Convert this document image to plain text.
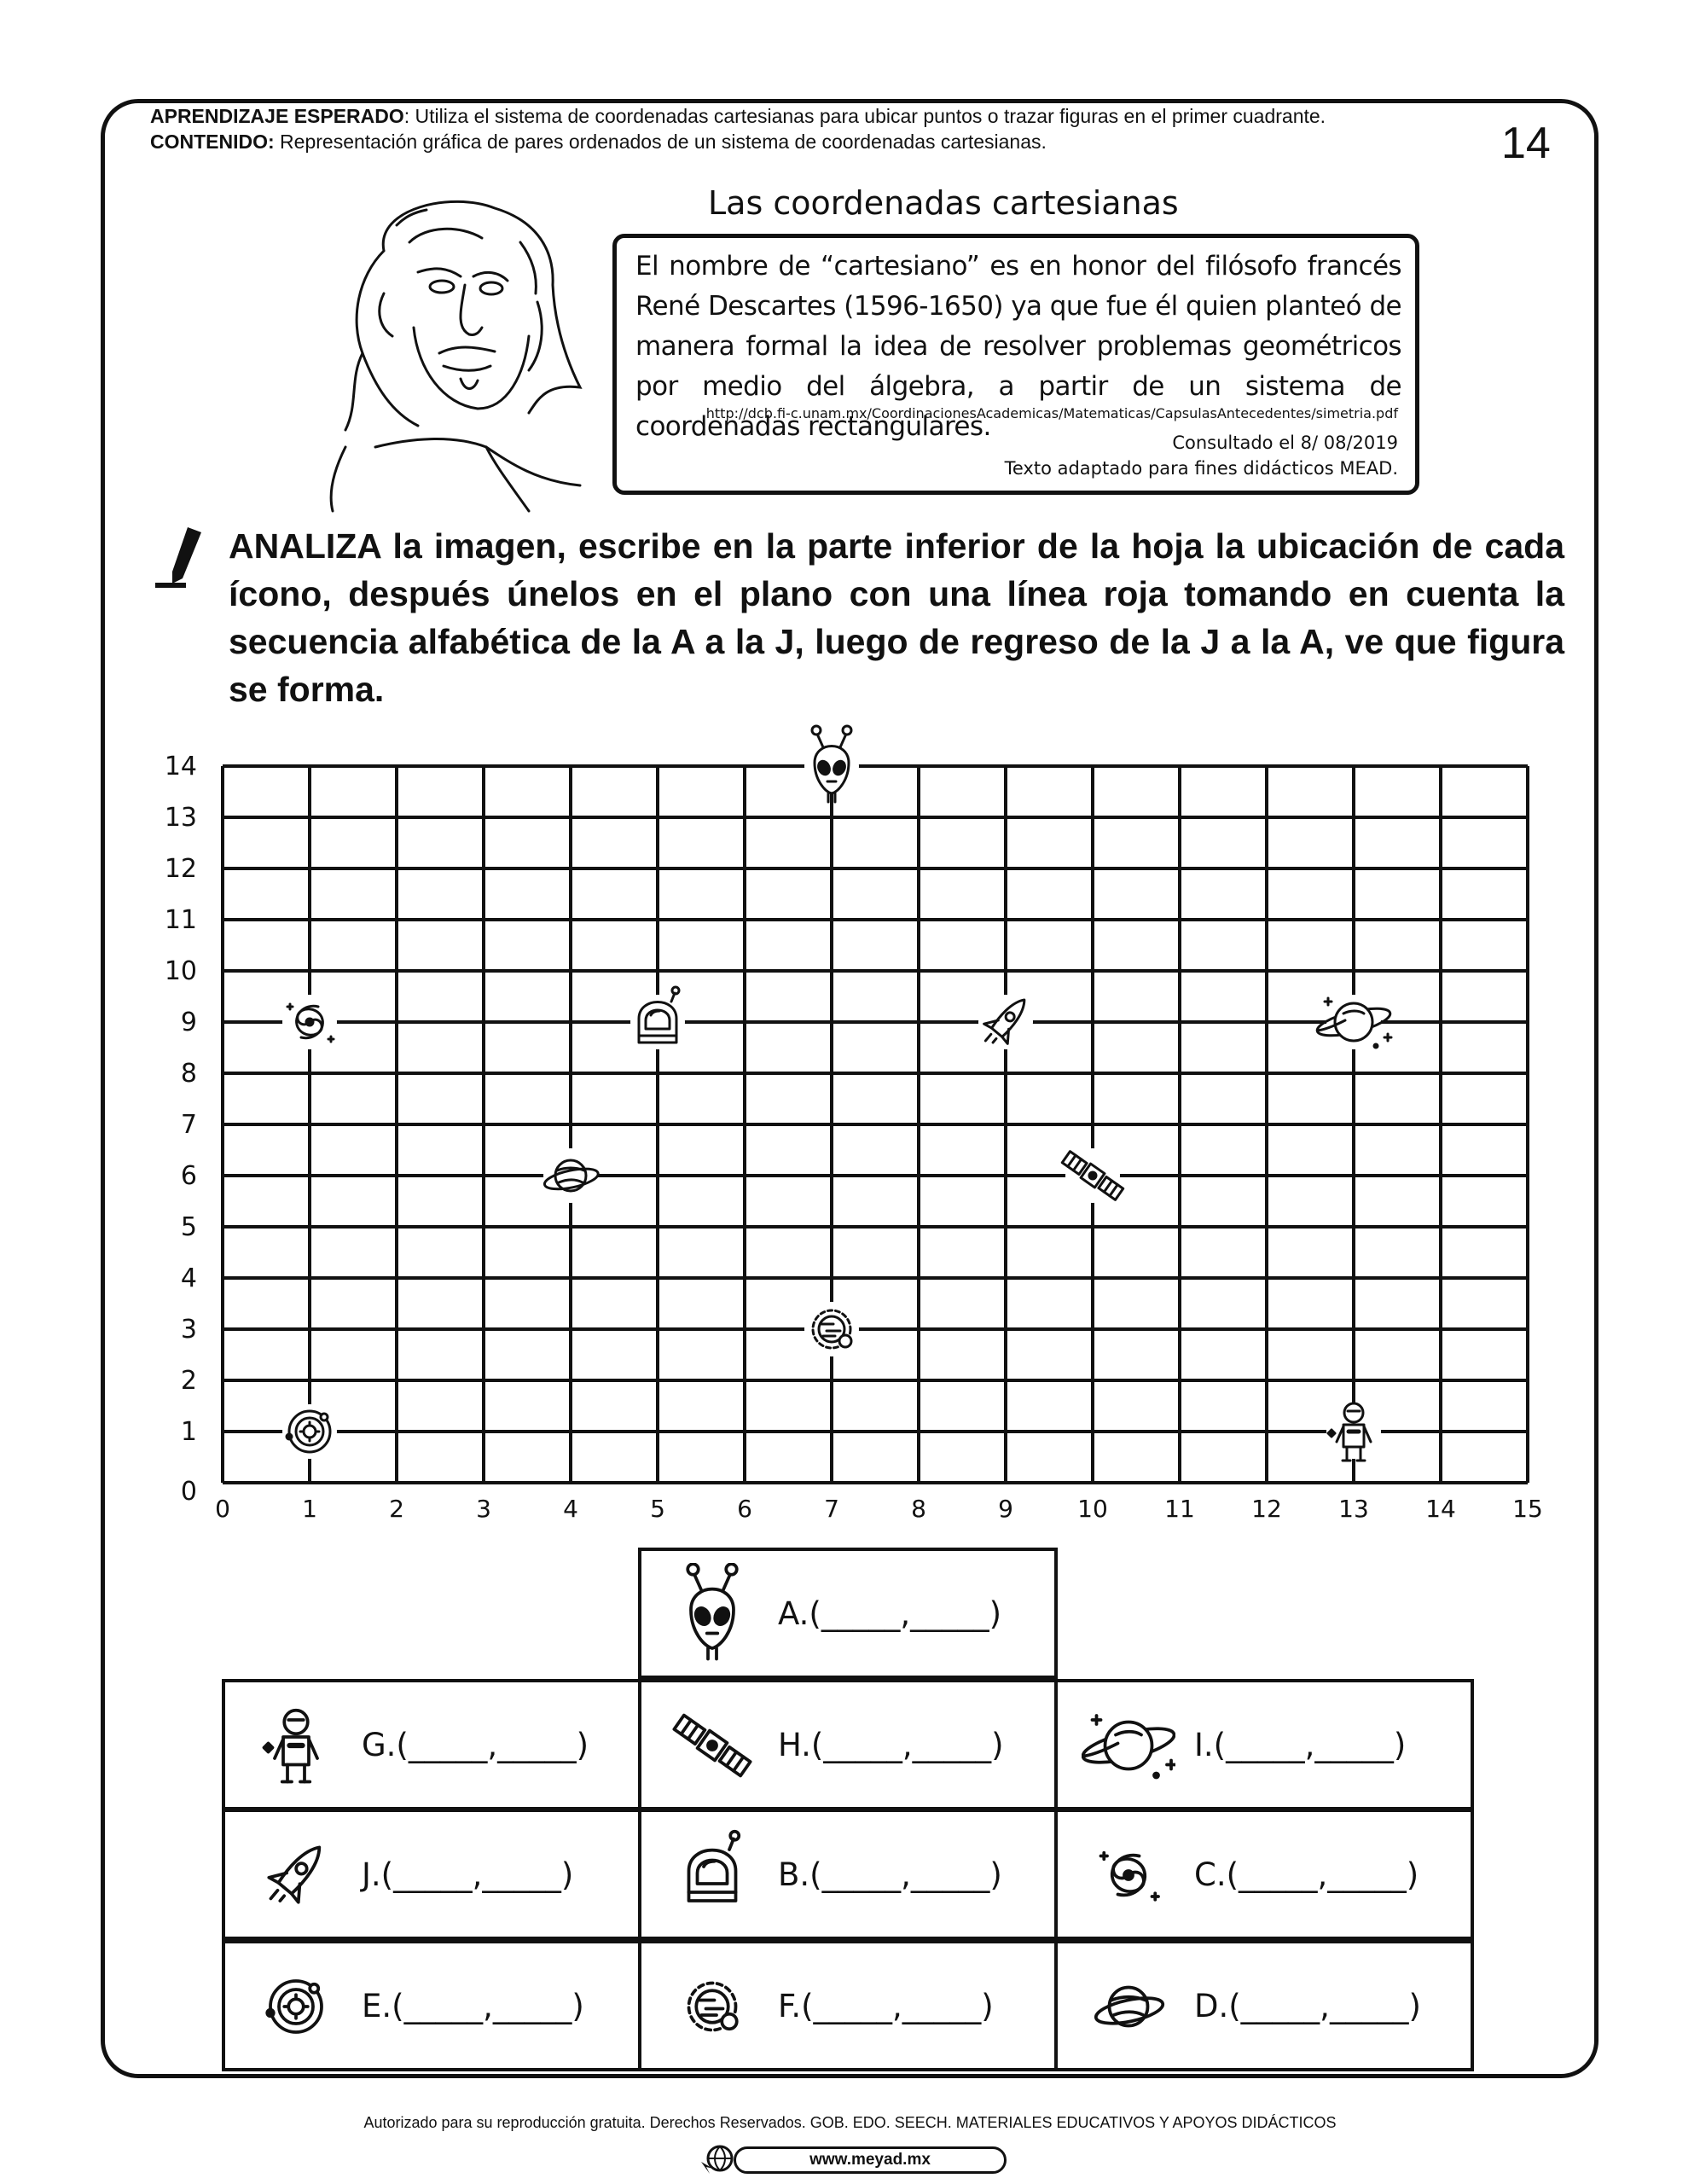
APRENDIZAJE ESPERADO: Utiliza el sistema de coordenadas cartesianas para ubicar puntos o trazar figuras en el primer cuadrante.
CONTENIDO: Representación gráfica de pares ordenados de un sistema de coordenadas cartesianas.	14
Las coordenadas cartesianas
El nombre de “cartesiano” es en honor del filósofo francés René Descartes (1596-1650) ya que fue él quien planteó de manera formal la idea de resolver problemas geométricos por medio del álgebra, a partir de un sistema de coordenadas rectangulares.
http://dcb.fi-c.unam.mx/CoordinacionesAcademicas/Matematicas/CapsulasAntecedentes/simetria.pdf
Consultado el 8/ 08/2019
Texto adaptado para fines didácticos MEAD.
ANALIZA la imagen, escribe en la parte inferior de la hoja la ubicación de cada ícono, después únelos en el plano con una línea roja tomando en cuenta la secuencia alfabética de la A a la J, luego de regreso de la J a la A, ve que figura se forma.
0	1	2	3	4	5	6	7	8	9	10 11 12 13 14 15
0
1
2
3
4
5
6
7
8
9
10
11
12
13
14
A.(_____,_____)
G.(_____,_____)	H.(_____,_____)	I.(_____,_____)
J.(_____,_____)	B.(_____,_____)	C.(_____,_____)
E.(_____,_____)	F.(_____,_____)	D.(_____,_____)
Autorizado para su reproducción gratuita. Derechos Reservados. GOB. EDO. SEECH. MATERIALES EDUCATIVOS Y APOYOS DIDÁCTICOS
www.meyad.mx
